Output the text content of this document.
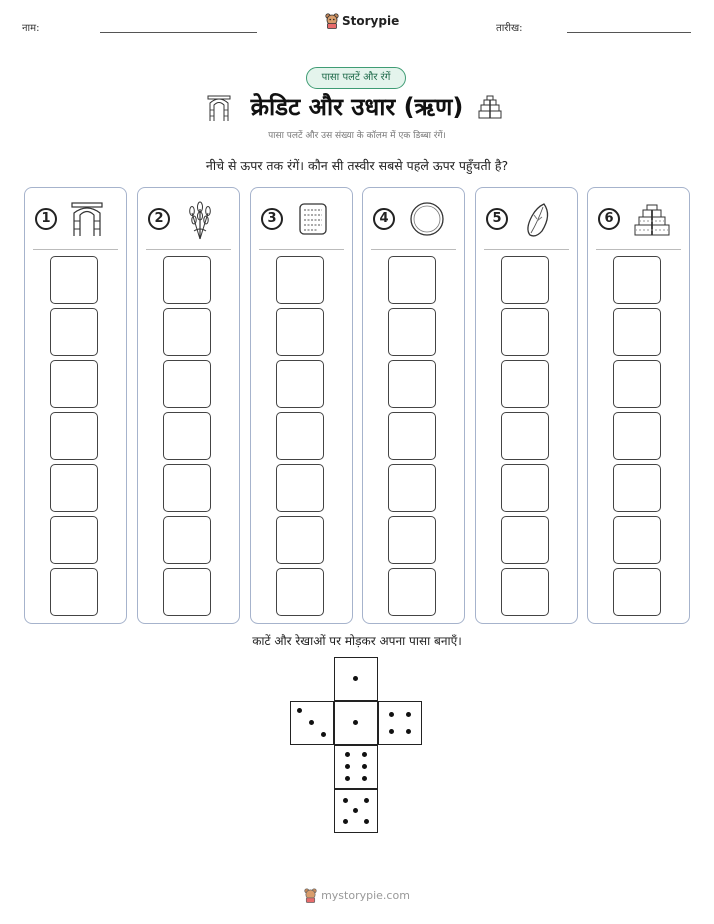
नाम:
Storypie
तारीख:
पासा पलटें और रंगें
क्रेडिट और उधार (ऋण)
पासा पलटें और उस संख्या के कॉलम में एक डिब्बा रंगें।
नीचे से ऊपर तक रंगें। कौन सी तस्वीर सबसे पहले ऊपर पहुँचती है?
1	2	3	4	5	6
काटें और रेखाओं पर मोड़कर अपना पासा बनाएँ।
mystorypie.com
